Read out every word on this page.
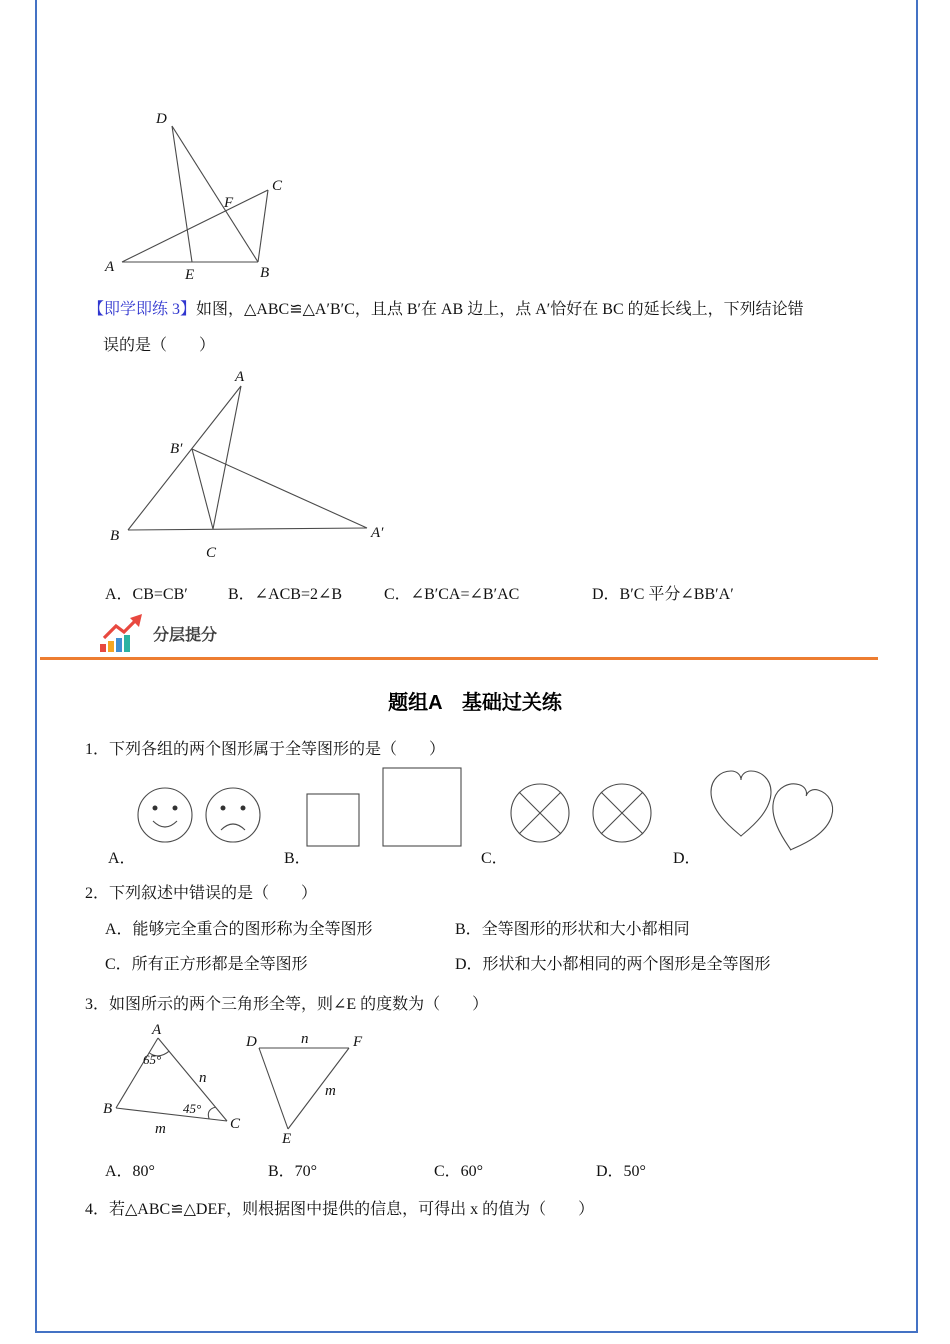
D
C
F
A	E	B
【即学即练 3】如图，△ABC≌△A′B′C，且点 B′在 AB 边上，点 A′恰好在 BC 的延长线上，下列结论错
误的是（　　）
A
B′
B
C
A′
A．CB=CB′	B．∠ACB=2∠B	C．∠B′CA=∠B′AC	D．B′C 平分∠BB′A′
分层提分
题组A　基础过关练
1．下列各组的两个图形属于全等图形的是（　　）
A．	B．	C．	D．
2．下列叙述中错误的是（　　）
A．能够完全重合的图形称为全等图形	B．全等图形的形状和大小都相同
C．所有正方形都是全等图形	D．形状和大小都相同的两个图形是全等图形
3．如图所示的两个三角形全等，则∠E 的度数为（　　）
A
B
C
65°
45°
n
m
D	F
E
n
m
A．80°	B．70°	C．60°	D．50°
4．若△ABC≌△DEF，则根据图中提供的信息，可得出 x 的值为（　　）
